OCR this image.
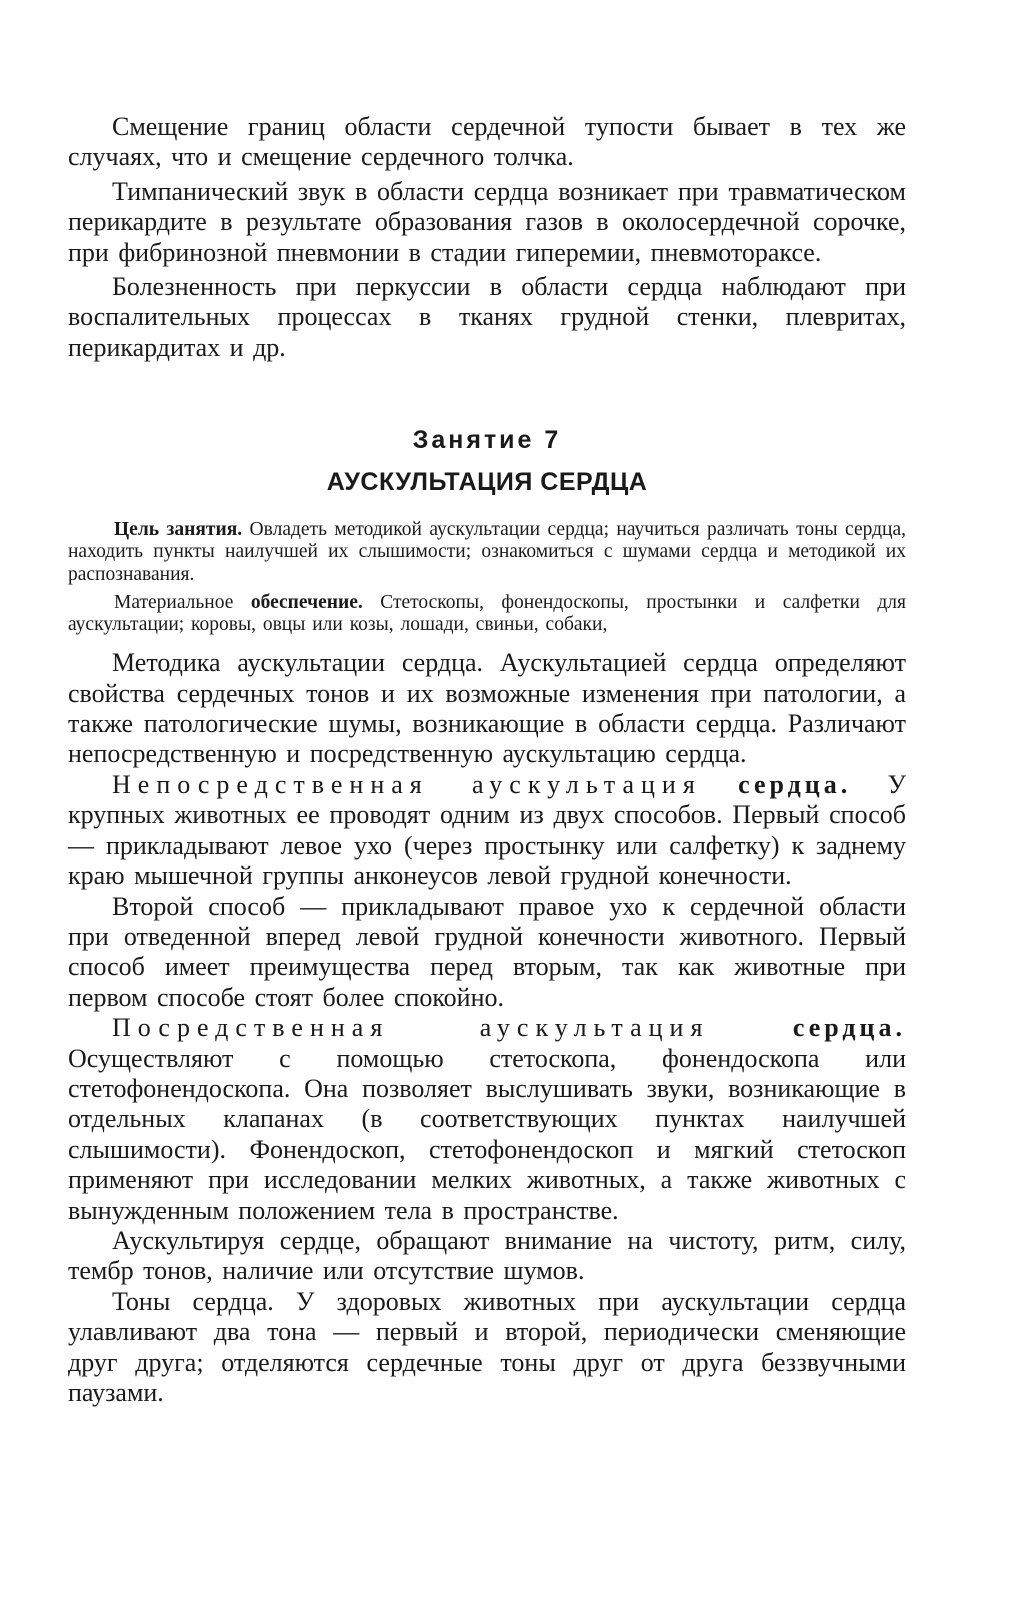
Смещение границ области сердечной тупости бывает в тех же случаях, что и смещение сердечного толчка.

Тимпанический звук в области сердца возникает при травматическом перикардите в результате образования газов в околосердечной сорочке, при фибринозной пневмонии в стадии гиперемии, пневмотораксе.

Болезненность при перкуссии в области сердца наблюдают при воспалительных процессах в тканях грудной стенки, плевритах, перикардитах и др.

Занятие 7

АУСКУЛЬТАЦИЯ СЕРДЦА

Цель занятия. Овладеть методикой аускультации сердца; научиться различать тоны сердца, находить пункты наилучшей их слышимости; ознакомиться с шумами сердца и методикой их распознавания.

Материальное обеспечение. Стетоскопы, фонендоскопы, простынки и салфетки для аускультации; коровы, овцы или козы, лошади, свиньи, собаки,

Методика аускультации сердца. Аускультацией сердца определяют свойства сердечных тонов и их возможные изменения при патологии, а также патологические шумы, возникающие в области сердца. Различают непосредственную и посредственную аускультацию сердца.

Непосредственная аускультация сердца. У крупных животных ее проводят одним из двух способов. Первый способ — прикладывают левое ухо (через простынку или салфетку) к заднему краю мышечной группы анконеусов левой грудной конечности.

Второй способ — прикладывают правое ухо к сердечной области при отведенной вперед левой грудной конечности животного. Первый способ имеет преимущества перед вторым, так как животные при первом способе стоят более спокойно.

Посредственная аускультация	сердца. Осуществляют с помощью стетоскопа, фонендоскопа или стетофонендоскопа. Она позволяет выслушивать звуки, возникающие в отдельных клапанах (в соответствующих пунктах наилучшей слышимости). Фонендоскоп, стетофонендоскоп и мягкий стетоскоп применяют при исследовании мелких животных, а также животных с вынужденным положением тела в пространстве.

Аускультируя сердце, обращают внимание на чистоту, ритм, силу, тембр тонов, наличие или отсутствие шумов.

Тоны сердца. У здоровых животных при аускультации сердца улавливают два тона — первый и второй, периодически сменяющие друг друга; отделяются сердечные тоны друг от друга беззвучными паузами.
